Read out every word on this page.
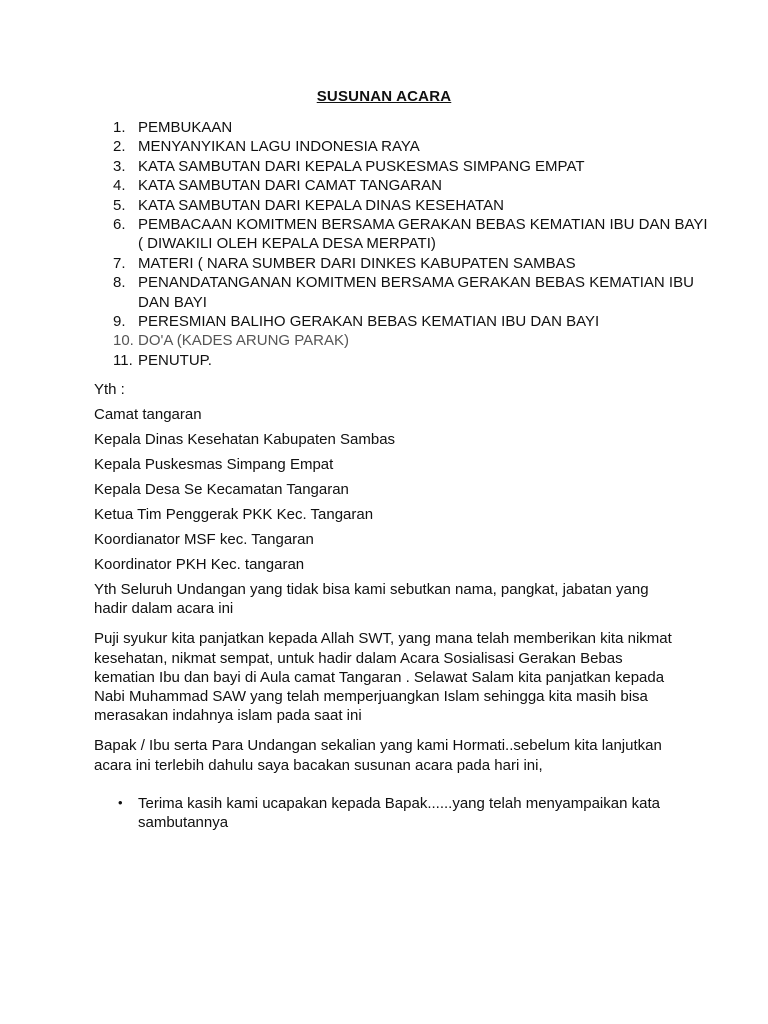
SUSUNAN ACARA
1. PEMBUKAAN
2. MENYANYIKAN LAGU INDONESIA RAYA
3. KATA SAMBUTAN DARI KEPALA PUSKESMAS SIMPANG EMPAT
4. KATA SAMBUTAN DARI CAMAT TANGARAN
5. KATA SAMBUTAN DARI KEPALA DINAS KESEHATAN
6. PEMBACAAN KOMITMEN BERSAMA GERAKAN BEBAS KEMATIAN IBU DAN BAYI ( DIWAKILI OLEH KEPALA DESA MERPATI)
7. MATERI ( NARA SUMBER DARI DINKES KABUPATEN SAMBAS
8. PENANDATANGANAN KOMITMEN BERSAMA GERAKAN BEBAS KEMATIAN IBU DAN BAYI
9. PERESMIAN BALIHO GERAKAN BEBAS KEMATIAN IBU DAN BAYI
10. DO'A (KADES ARUNG PARAK)
11. PENUTUP.
Yth :
Camat tangaran
Kepala Dinas Kesehatan Kabupaten Sambas
Kepala Puskesmas Simpang Empat
Kepala Desa Se Kecamatan Tangaran
Ketua Tim Penggerak PKK Kec. Tangaran
Koordianator MSF kec. Tangaran
Koordinator PKH Kec. tangaran

Yth Seluruh Undangan yang tidak bisa kami sebutkan nama, pangkat, jabatan yang hadir dalam acara ini

Puji syukur kita panjatkan kepada Allah SWT, yang mana telah memberikan kita nikmat kesehatan, nikmat sempat, untuk hadir dalam Acara Sosialisasi Gerakan Bebas kematian Ibu dan bayi di Aula camat Tangaran . Selawat Salam kita panjatkan kepada Nabi Muhammad SAW yang telah memperjuangkan Islam sehingga kita masih bisa merasakan indahnya islam pada saat ini

Bapak / Ibu serta Para Undangan sekalian yang kami Hormati..sebelum kita lanjutkan acara ini terlebih dahulu saya bacakan susunan acara pada hari ini,

• Terima kasih kami ucapakan kepada Bapak......yang telah menyampaikan kata sambutannya
